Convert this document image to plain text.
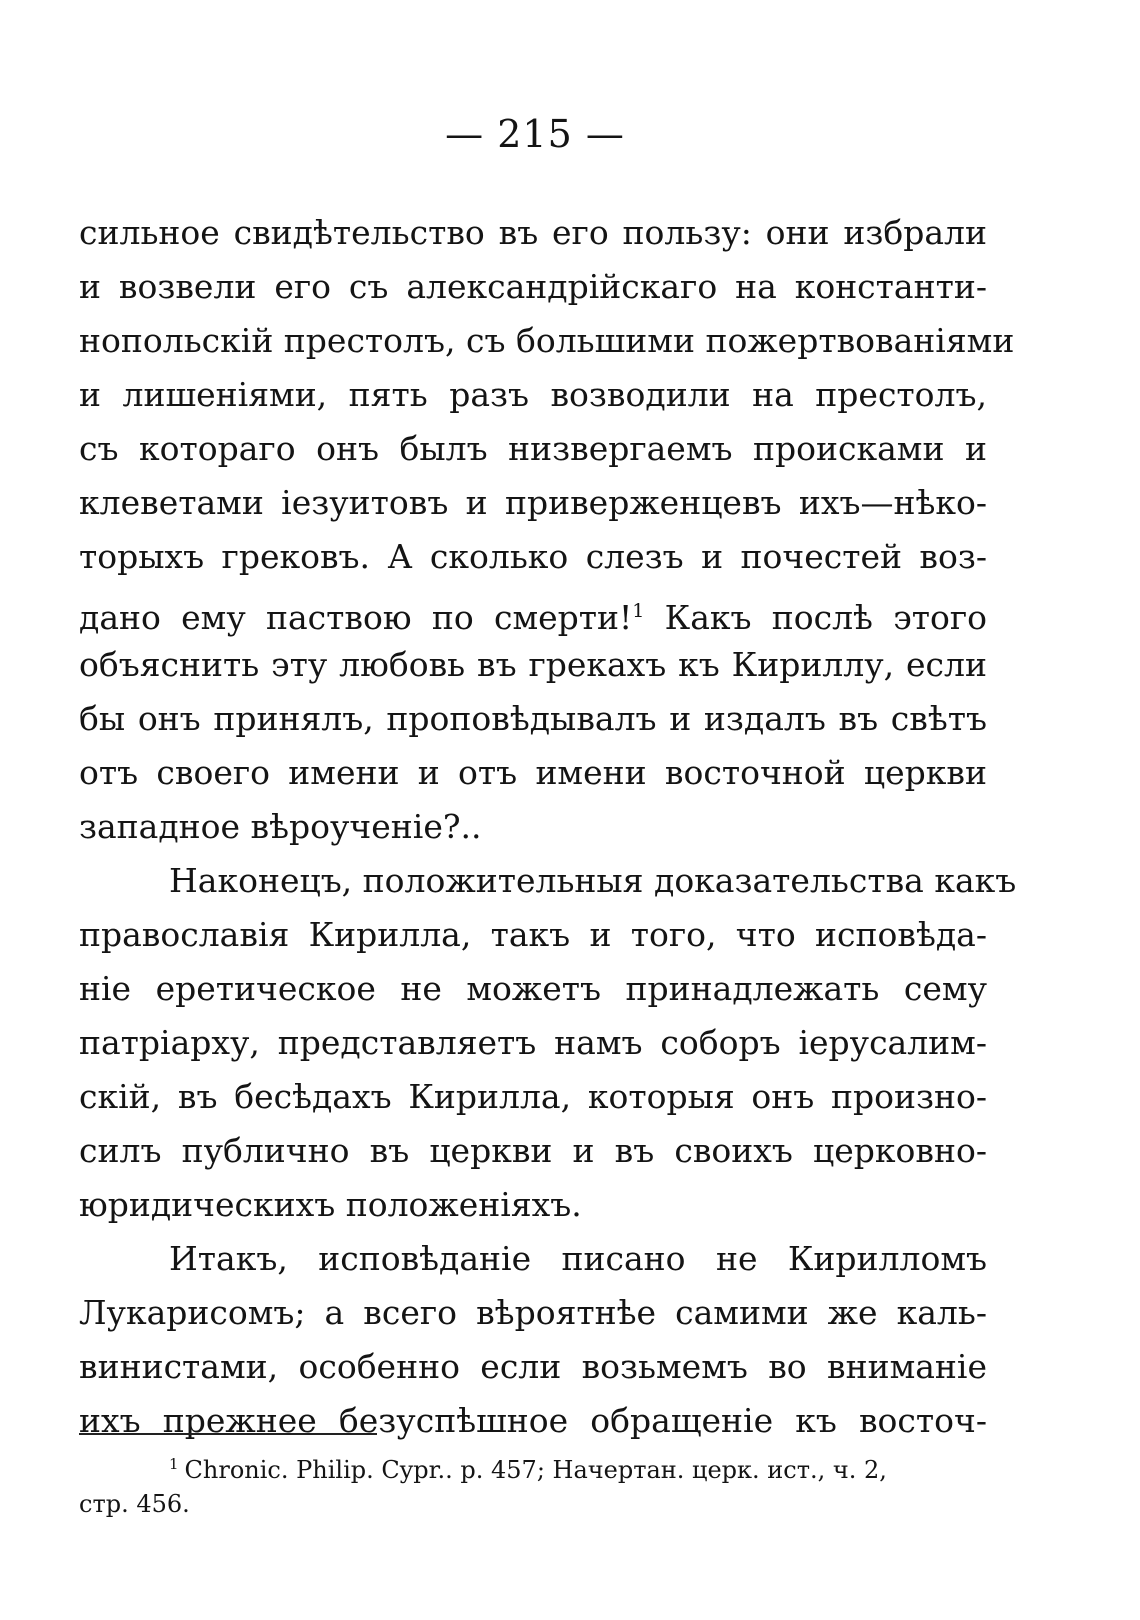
— 215 —
сильное свидѣтельство въ его пользу: они избрали
и возвели его съ александрійскаго на константи-
нопольскій престолъ, съ большими пожертвованіями
и лишеніями, пять разъ возводили на престолъ,
съ котораго онъ былъ низвергаемъ происками и
клеветами іезуитовъ и приверженцевъ ихъ—нѣко-
торыхъ грековъ. А сколько слезъ и почестей воз-
дано ему паствою по смерти!$^1$ Какъ послѣ этого
объяснить эту любовь въ грекахъ къ Кириллу, если
бы онъ принялъ, проповѣдывалъ и издалъ въ свѣтъ
отъ своего имени и отъ имени восточной церкви
западное вѣроученіе?..
Наконецъ, положительныя доказательства какъ
православія Кирилла, такъ и того, что исповѣда-
ніе еретическое не можетъ принадлежать сему
патріарху, представляетъ намъ соборъ іерусалим-
скій, въ бесѣдахъ Кирилла, которыя онъ произно-
силъ публично въ церкви и въ своихъ церковно-
юридическихъ положеніяхъ.
Итакъ, исповѣданіе писано не Кирилломъ
Лукарисомъ; а всего вѣроятнѣе самими же каль-
винистами, особенно если возьмемъ во вниманіе
ихъ прежнее безуспѣшное обращеніе къ восточ-
$^1$ Chronic. Philip. Cypr.. p. 457; Начертан. церк. ист., ч. 2,
стр. 456.
